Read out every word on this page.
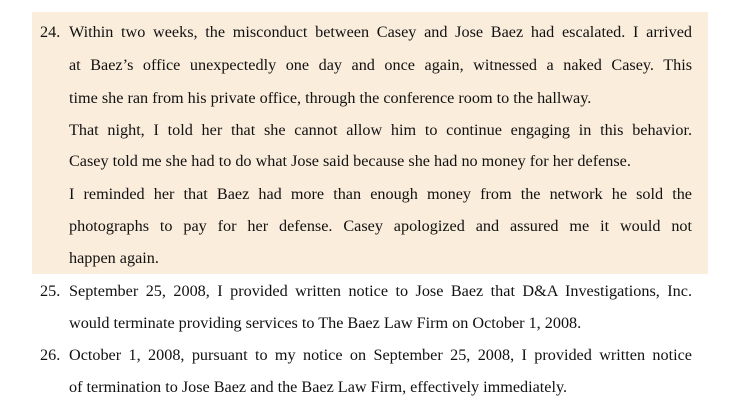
24. Within two weeks, the misconduct between Casey and Jose Baez had escalated. I arrived
at Baez’s office unexpectedly one day and once again, witnessed a naked Casey. This
time she ran from his private office, through the conference room to the hallway.
That night, I told her that she cannot allow him to continue engaging in this behavior.
Casey told me she had to do what Jose said because she had no money for her defense.
I reminded her that Baez had more than enough money from the network he sold the
photographs to pay for her defense. Casey apologized and assured me it would not
happen again.
25. September 25, 2008, I provided written notice to Jose Baez that D&A Investigations, Inc.
would terminate providing services to The Baez Law Firm on October 1, 2008.
26. October 1, 2008, pursuant to my notice on September 25, 2008, I provided written notice
of termination to Jose Baez and the Baez Law Firm, effectively immediately.
